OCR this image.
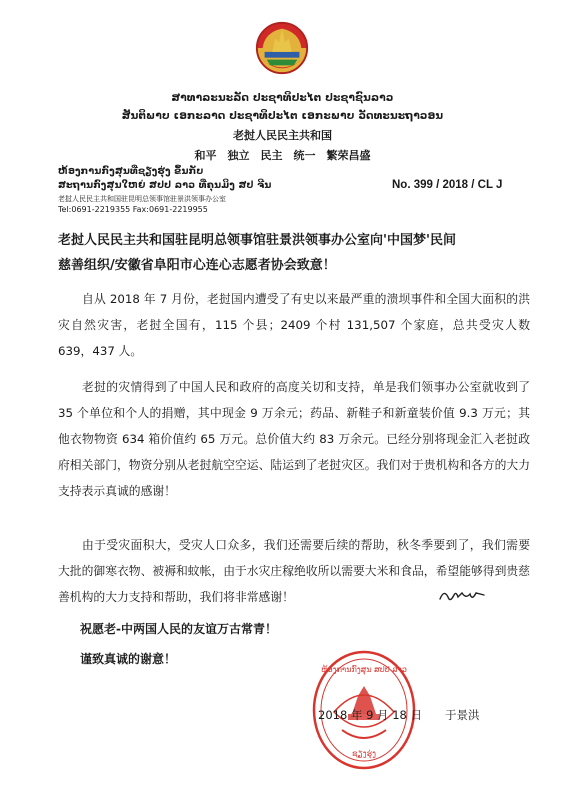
ສາທາລະນະລັດ ປະຊາທິປະໄຕ ປະຊາຊົນລາວ
ສັນຕິພາບ ເອກະລາດ ປະຊາທິປະໄຕ ເອກະພາບ ວັດທະນະຖາວອນ
老挝人民民主共和国
和平　独立　民主　统一　繁荣昌盛
ຫ້ອງການກົງສຸນທີ່ຊຽງຮຸ່ງ ຂຶ້ນກັບ
ສະຖານກົງສຸນໃຫຍ່ ສປປ ລາວ ທີ່ຄຸນມິງ ສປ ຈີນ
老挝人民民主共和国驻昆明总领事馆驻景洪领事办公室
Tel:0691-2219355 Fax:0691-2219955
No. 399 / 2018 / CL J
老挝人民民主共和国驻昆明总领事馆驻景洪领事办公室向'中国梦'民间
慈善组织/安徽省阜阳市心连心志愿者协会致意！
自从 2018 年 7 月份，老挝国内遭受了有史以来最严重的溃坝事件和全国大面积的洪灾自然灾害，老挝全国有，115 个县；2409 个村 131,507 个家庭，总共受灾人数 639，437 人。
老挝的灾情得到了中国人民和政府的高度关切和支持，单是我们领事办公室就收到了 35 个单位和个人的捐赠，其中现金 9 万余元；药品、新鞋子和新童装价值 9.3 万元；其他衣物物资 634 箱价值约 65 万元。总价值大约 83 万余元。已经分别将现金汇入老挝政府相关部门，物资分别从老挝航空空运、陆运到了老挝灾区。我们对于贵机构和各方的大力支持表示真诚的感谢！
由于受灾面积大，受灾人口众多，我们还需要后续的帮助，秋冬季要到了，我们需要大批的御寒衣物、被褥和蚊帐，由于水灾庄稼绝收所以需要大米和食品，希望能够得到贵慈善机构的大力支持和帮助，我们将非常感谢！
祝愿老-中两国人民的友谊万古常青！
谨致真诚的谢意！
ຫ້ອງການກົງສຸນ ສປປ ລາວ
ຊຽງຮຸ່ງ
2018 年 9 月 18 日　　于景洪
